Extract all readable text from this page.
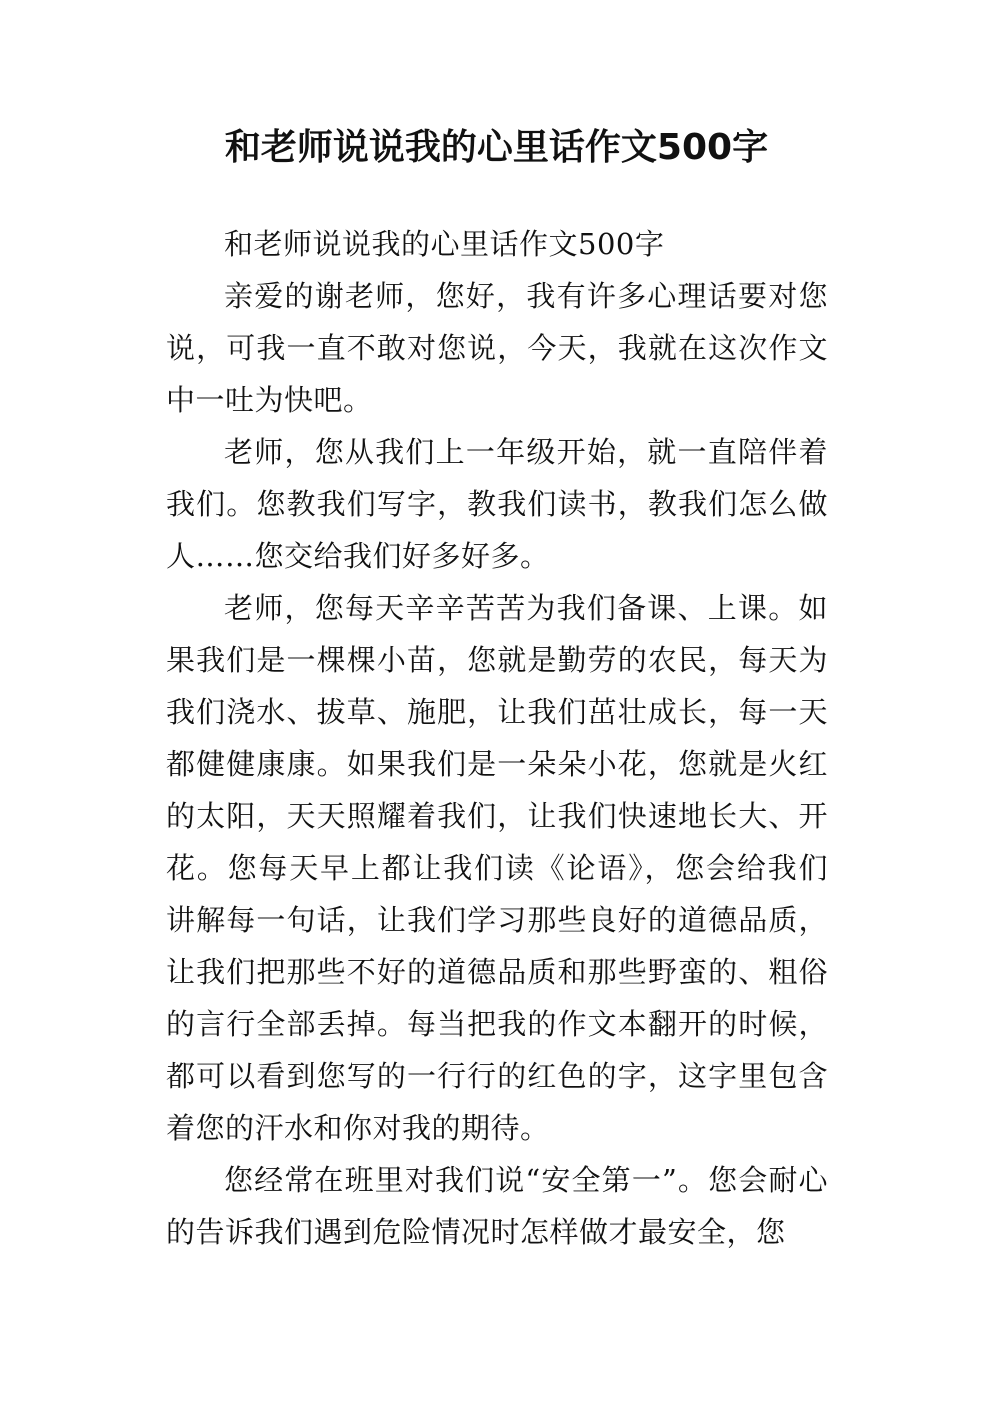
和老师说说我的心里话作文500字

和老师说说我的心里话作文500字

亲爱的谢老师，您好，我有许多心理话要对您说，可我一直不敢对您说，今天，我就在这次作文中一吐为快吧。

老师，您从我们上一年级开始，就一直陪伴着我们。您教我们写字，教我们读书，教我们怎么做人……您交给我们好多好多。

老师，您每天辛辛苦苦为我们备课、上课。如果我们是一棵棵小苗，您就是勤劳的农民，每天为我们浇水、拔草、施肥，让我们茁壮成长，每一天都健健康康。如果我们是一朵朵小花，您就是火红的太阳，天天照耀着我们，让我们快速地长大、开花。您每天早上都让我们读《论语》，您会给我们讲解每一句话，让我们学习那些良好的道德品质，让我们把那些不好的道德品质和那些野蛮的、粗俗的言行全部丢掉。每当把我的作文本翻开的时候，都可以看到您写的一行行的红色的字，这字里包含着您的汗水和你对我的期待。

您经常在班里对我们说“安全第一”。您会耐心的告诉我们遇到危险情况时怎样做才最安全，您
